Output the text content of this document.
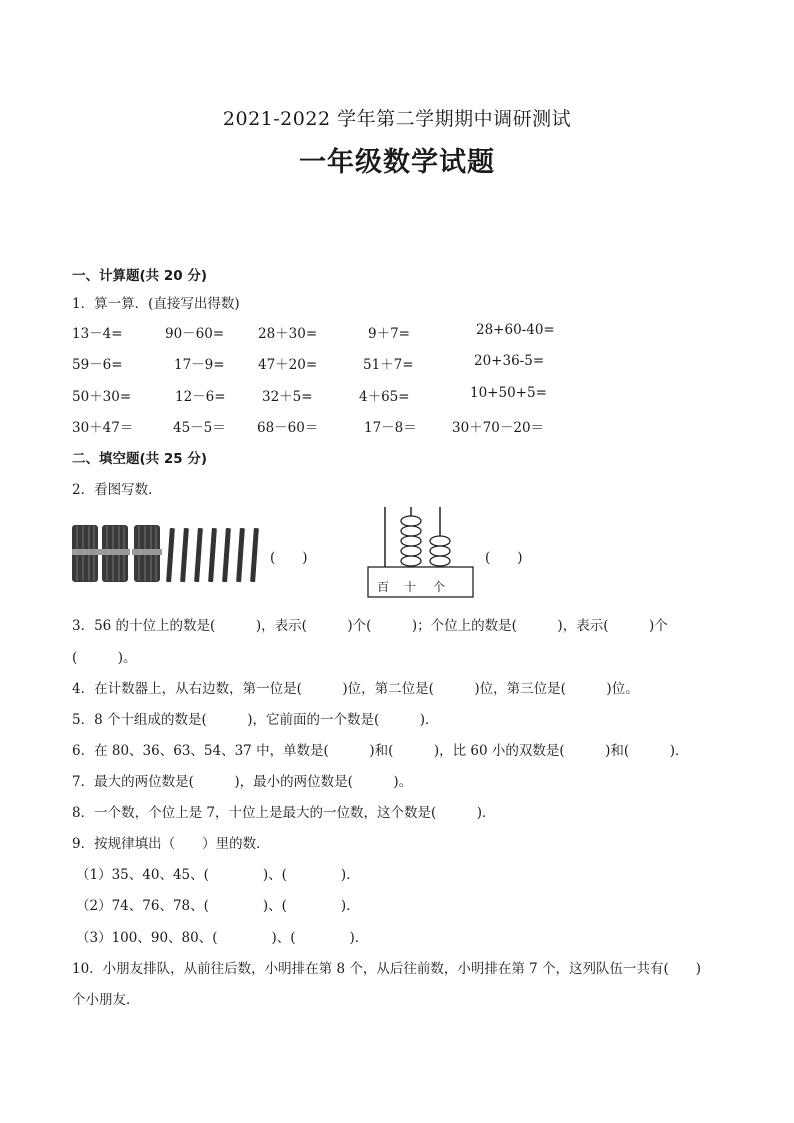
2021-2022 学年第二学期期中调研测试
一年级数学试题
一、计算题(共 20 分)
1．算一算．(直接写出得数)
13－4=	90－60=	28＋30=	9＋7=	28+60-40=
59－6=	17－9= 47＋20=	51＋7=	20+36-5=
50＋30=	12－6=	32＋5=	4＋65=	10+50+5=
30＋47＝	45－5＝ 68－60＝	17－8＝	30＋70－20＝
二、填空题(共 25 分)
2．看图写数．
(　　)
百 十 个
(　　)
3．56 的十位上的数是(　　　)，表示(　　　)个(　　　)；个位上的数是(　　　)，表示(　　　)个
(　　　)。
4．在计数器上，从右边数，第一位是(　　　)位，第二位是(　　　)位，第三位是(　　　)位。
5．8 个十组成的数是(　　　)，它前面的一个数是(　　　)．
6．在 80、36、63、54、37 中，单数是(　　　)和(　　　)，比 60 小的双数是(　　　)和(　　　)．
7．最大的两位数是(　　　)，最小的两位数是(　　　)。
8．一个数，个位上是 7，十位上是最大的一位数，这个数是(　　　)．
9．按规律填出（　　）里的数．
（1）35、40、45、(　　　　)、(　　　　)．
（2）74、76、78、(　　　　)、(　　　　)．
（3）100、90、80、(　　　　)、(　　　　)．
10．小朋友排队，从前往后数，小明排在第 8 个，从后往前数，小明排在第 7 个，这列队伍一共有(　　)
个小朋友．
